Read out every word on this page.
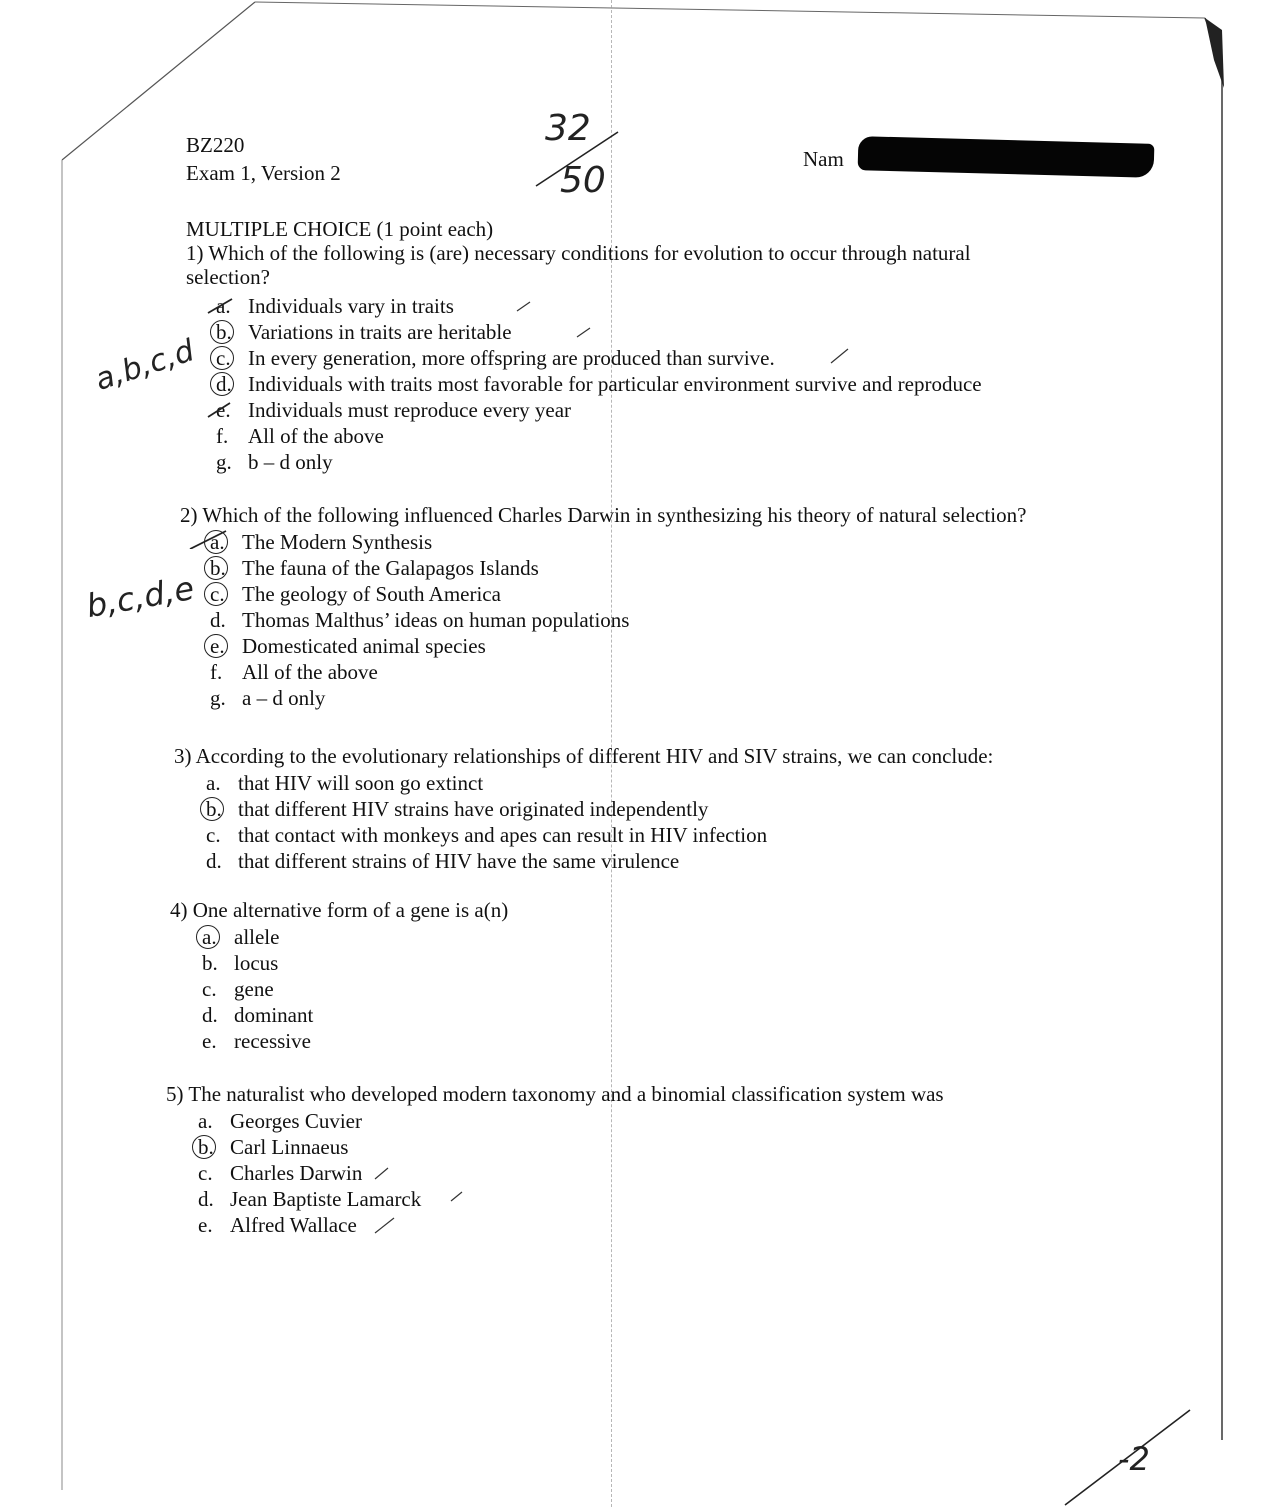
BZ220
Exam 1, Version 2
Nam
32
50
MULTIPLE CHOICE (1 point each)

1) Which of the following is (are) necessary conditions for evolution to occur through natural

selection?

a. Individuals vary in traits
b. Variations in traits are heritable
c. In every generation, more offspring are produced than survive.
d. Individuals with traits most favorable for particular environment survive and reproduce
e. Individuals must reproduce every year
f. All of the above
g. b – d only
a,b,c,d

2) Which of the following influenced Charles Darwin in synthesizing his theory of natural selection?

a. The Modern Synthesis
b. The fauna of the Galapagos Islands
c. The geology of South America
d. Thomas Malthus’ ideas on human populations
e. Domesticated animal species
f. All of the above
g. a – d only
b,c,d,e

3) According to the evolutionary relationships of different HIV and SIV strains, we can conclude:

a. that HIV will soon go extinct
b. that different HIV strains have originated independently
c. that contact with monkeys and apes can result in HIV infection
d. that different strains of HIV have the same virulence

4) One alternative form of a gene is a(n)

a. allele
b. locus
c. gene
d. dominant
e. recessive

5) The naturalist who developed modern taxonomy and a binomial classification system was

a. Georges Cuvier
b. Carl Linnaeus
c. Charles Darwin
d. Jean Baptiste Lamarck
e. Alfred Wallace
-2
